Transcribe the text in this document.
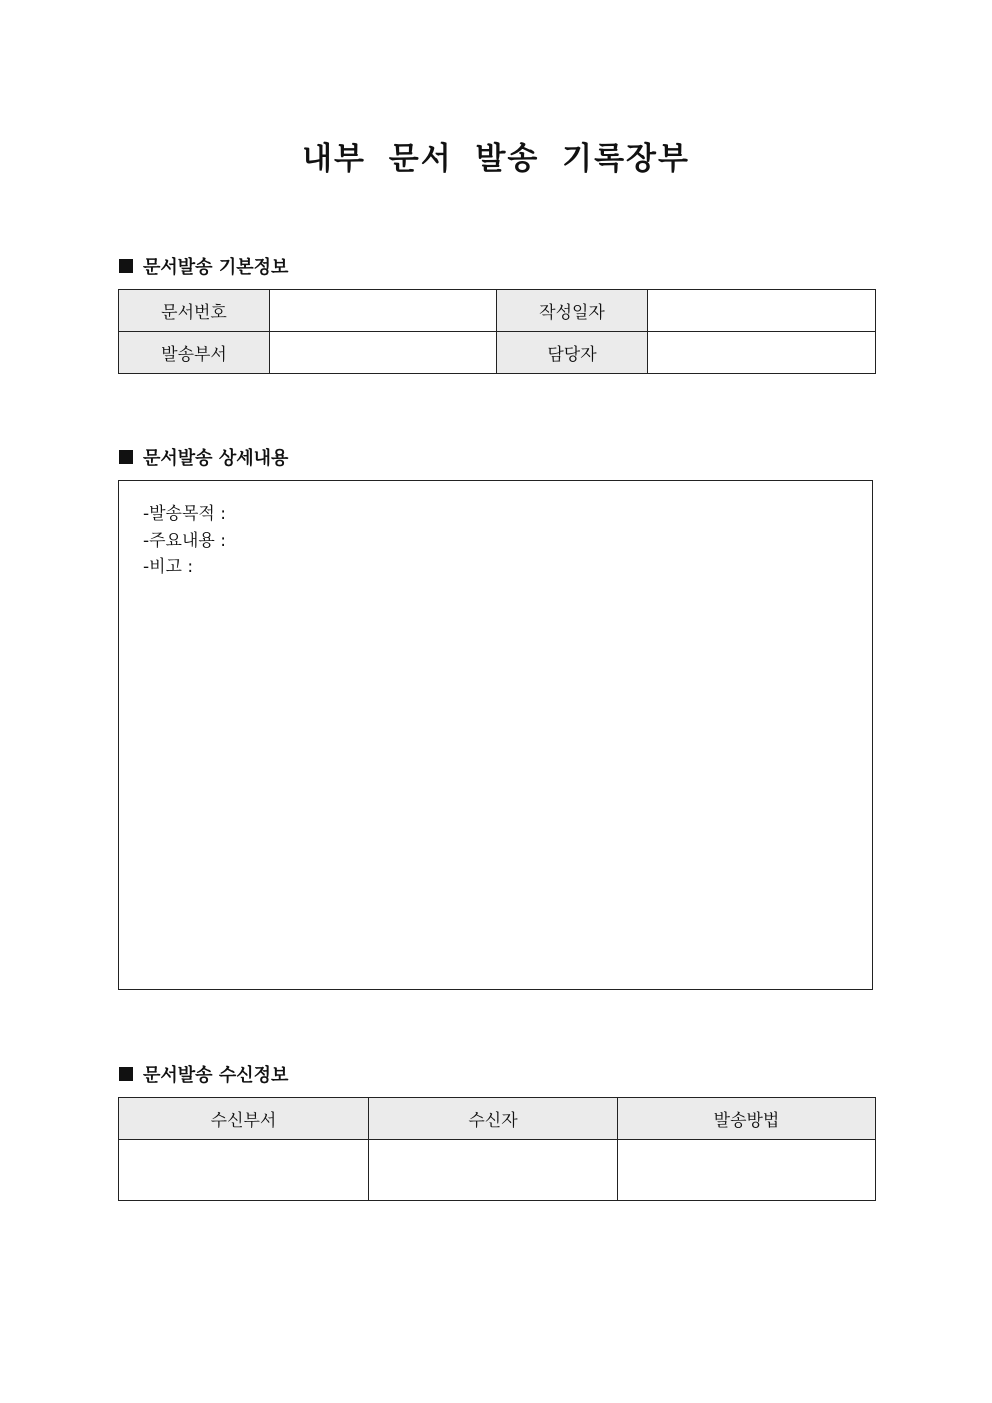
내부 문서 발송 기록장부
문서발송 기본정보
문서번호		작성일자	
발송부서		담당자	
문서발송 상세내용
-발송목적 :
-주요내용 :
-비고 :
문서발송 수신정보
수신부서	수신자	발송방법
